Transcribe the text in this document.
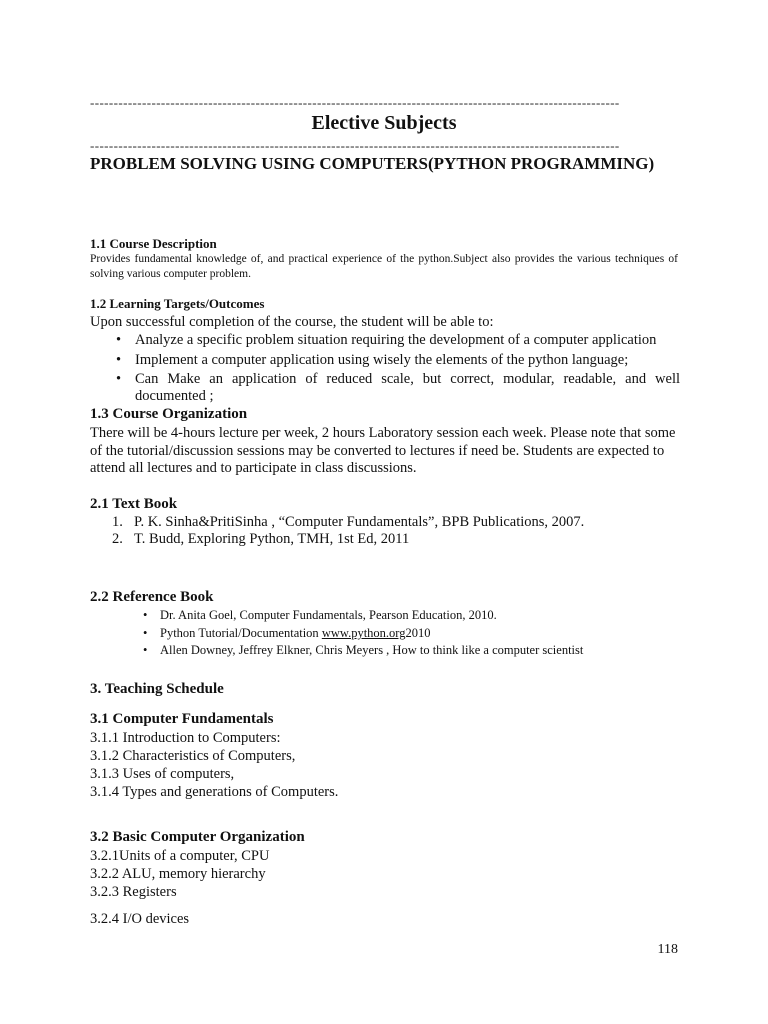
----------------------------------------------------------------------------------------------------------------
Elective Subjects
----------------------------------------------------------------------------------------------------------------
PROBLEM SOLVING USING COMPUTERS(PYTHON PROGRAMMING)
1.1 Course Description
Provides fundamental knowledge of, and practical experience of the python.Subject also provides the various techniques of solving various computer problem.
1.2 Learning Targets/Outcomes
Upon successful completion of the course, the student will be able to:
• Analyze a specific problem situation requiring the development of a computer application
• Implement a computer application using wisely the elements of the python language;
• Can Make an application of reduced scale, but correct, modular, readable, and well
documented ;
1.3 Course Organization
There will be 4-hours lecture per week, 2 hours Laboratory session each week. Please note that some of the tutorial/discussion sessions may be converted to lectures if need be. Students are expected to attend all lectures and to participate in class discussions.
2.1 Text Book
1. P. K. Sinha&PritiSinha , “Computer Fundamentals”, BPB Publications, 2007.
2. T. Budd, Exploring Python, TMH, 1st Ed, 2011
2.2 Reference Book
• Dr. Anita Goel, Computer Fundamentals, Pearson Education, 2010.
• Python Tutorial/Documentation www.python.org2010
• Allen Downey, Jeffrey Elkner, Chris Meyers , How to think like a computer scientist
3. Teaching Schedule
3.1 Computer Fundamentals
3.1.1 Introduction to Computers:
3.1.2 Characteristics of Computers,
3.1.3 Uses of computers,
3.1.4 Types and generations of Computers.
3.2 Basic Computer Organization
3.2.1Units of a computer, CPU
3.2.2 ALU, memory hierarchy
3.2.3 Registers
3.2.4 I/O devices
118
